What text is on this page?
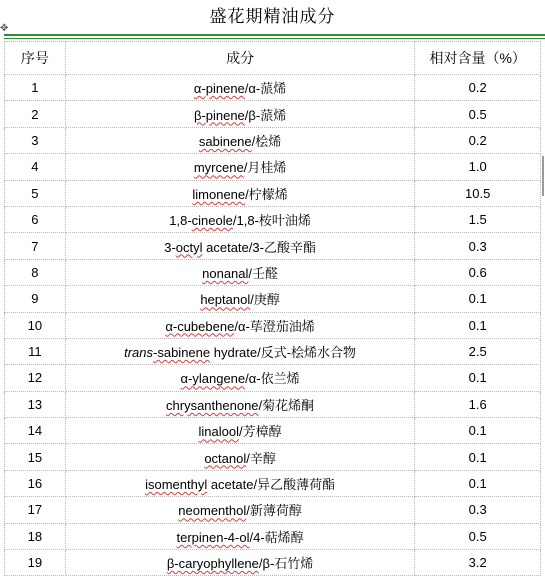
盛花期精油成分
✥
序号	成分	相对含量（%）
1	α-pinene/α-蒎烯	0.2
2	β-pinene/β-蒎烯	0.5
3	sabinene/桧烯	0.2
4	myrcene/月桂烯	1.0
5	limonene/柠檬烯	10.5
6	1,8-cineole/1,8-桉叶油烯	1.5
7	3-octyl acetate/3-乙酸辛酯	0.3
8	nonanal/壬醛	0.6
9	heptanol/庚醇	0.1
10	α-cubebene/α-荜澄茄油烯	0.1
11	trans-sabinene hydrate/反式-桧烯水合物	2.5
12	α-ylangene/α-依兰烯	0.1
13	chrysanthenone/菊花烯酮	1.6
14	linalool/芳樟醇	0.1
15	octanol/辛醇	0.1
16	isomenthyl acetate/异乙酸薄荷酯	0.1
17	neomenthol/新薄荷醇	0.3
18	terpinen-4-ol/4-萜烯醇	0.5
19	β-caryophyllene/β-石竹烯	3.2
